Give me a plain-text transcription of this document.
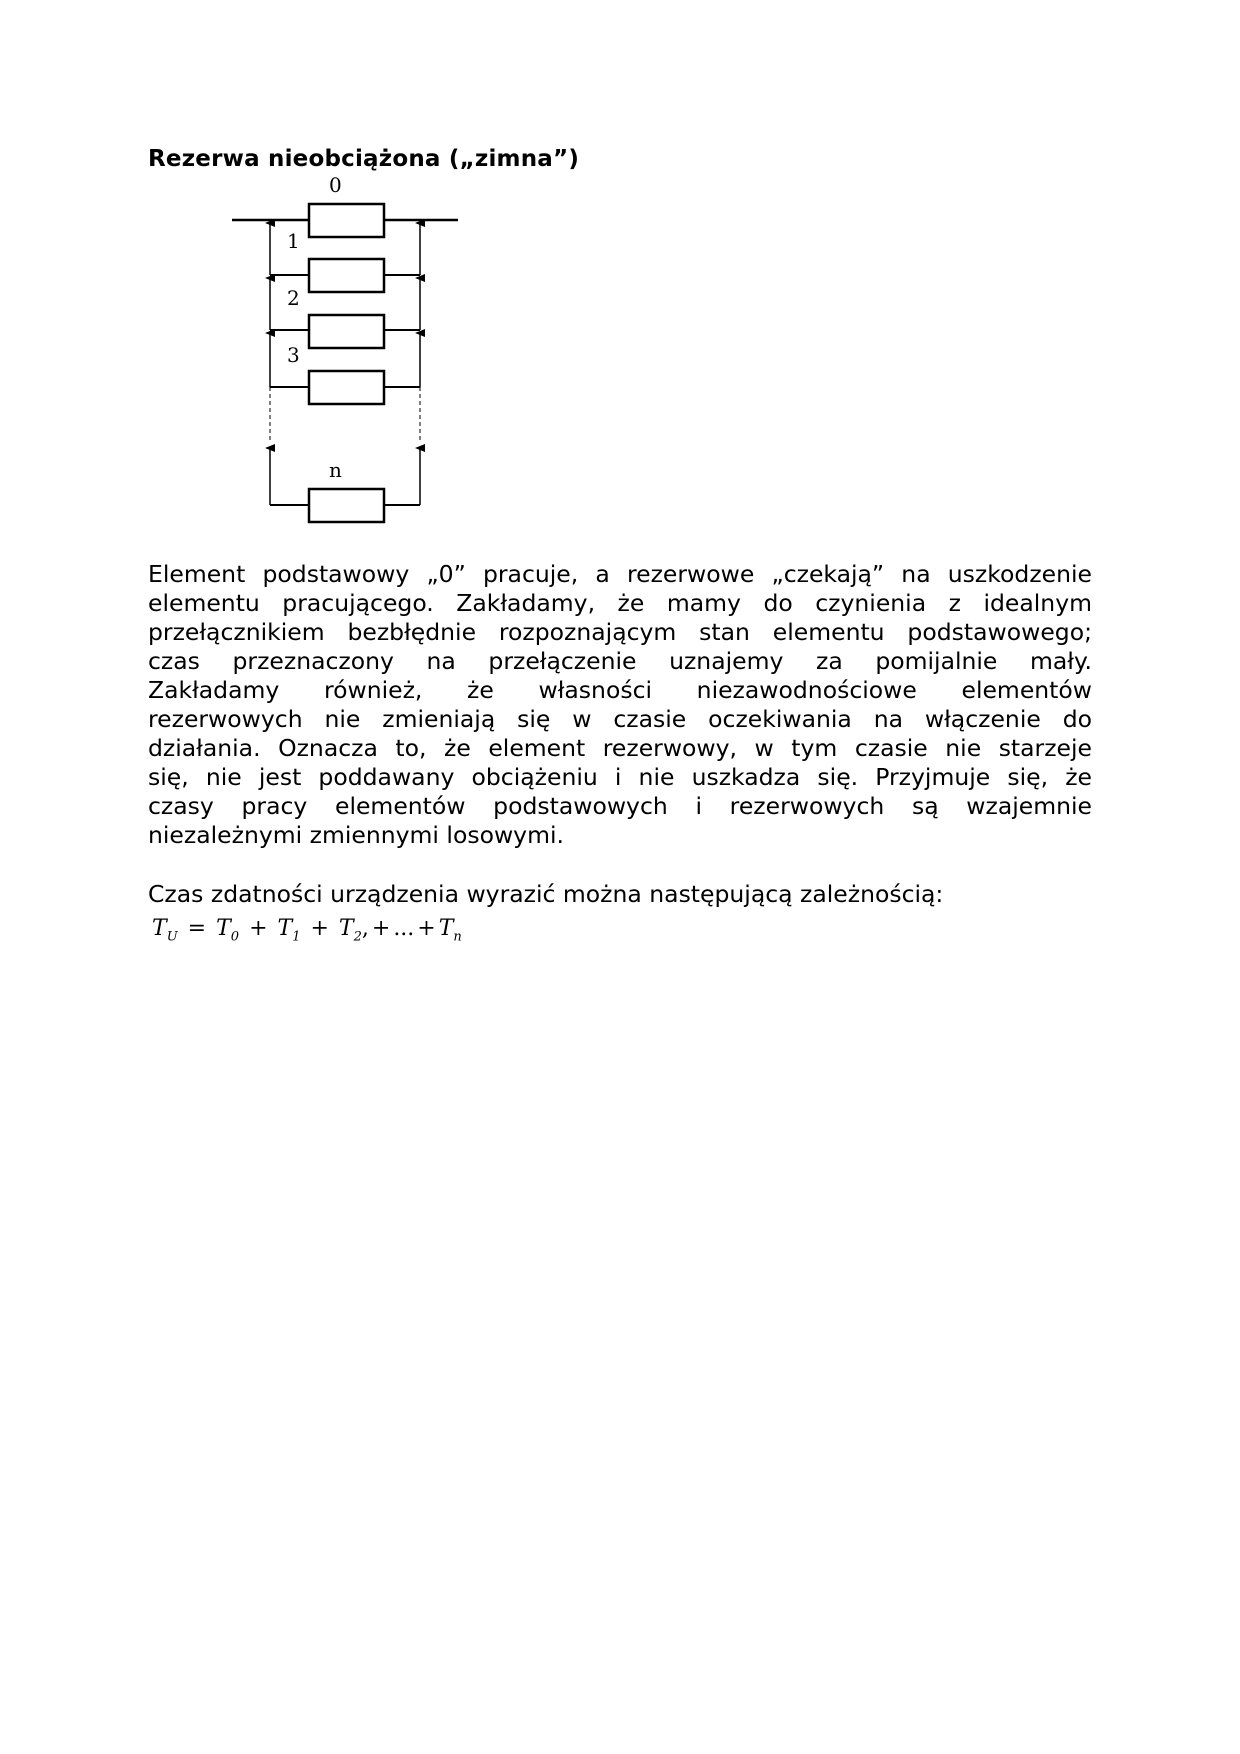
Rezerwa nieobciążona („zimna”)
0
1
2
3
n
Element podstawowy „0” pracuje, a rezerwowe „czekają” na uszkodzenie
elementu pracującego. Zakładamy, że mamy do czynienia z idealnym
przełącznikiem bezbłędnie rozpoznającym stan elementu podstawowego;
czas przeznaczony na przełączenie uznajemy za pomijalnie mały.
Zakładamy również, że własności niezawodnościowe elementów
rezerwowych nie zmieniają się w czasie oczekiwania na włączenie do
działania. Oznacza to, że element rezerwowy, w tym czasie nie starzeje
się, nie jest poddawany obciążeniu i nie uszkadza się. Przyjmuje się, że
czasy pracy elementów podstawowych i rezerwowych są wzajemnie
niezależnymi zmiennymi losowymi.

Czas zdatności urządzenia wyrazić można następującą zależnością:

$T_U = T_0 + T_1 + T_2$, + ... + $T_n$
